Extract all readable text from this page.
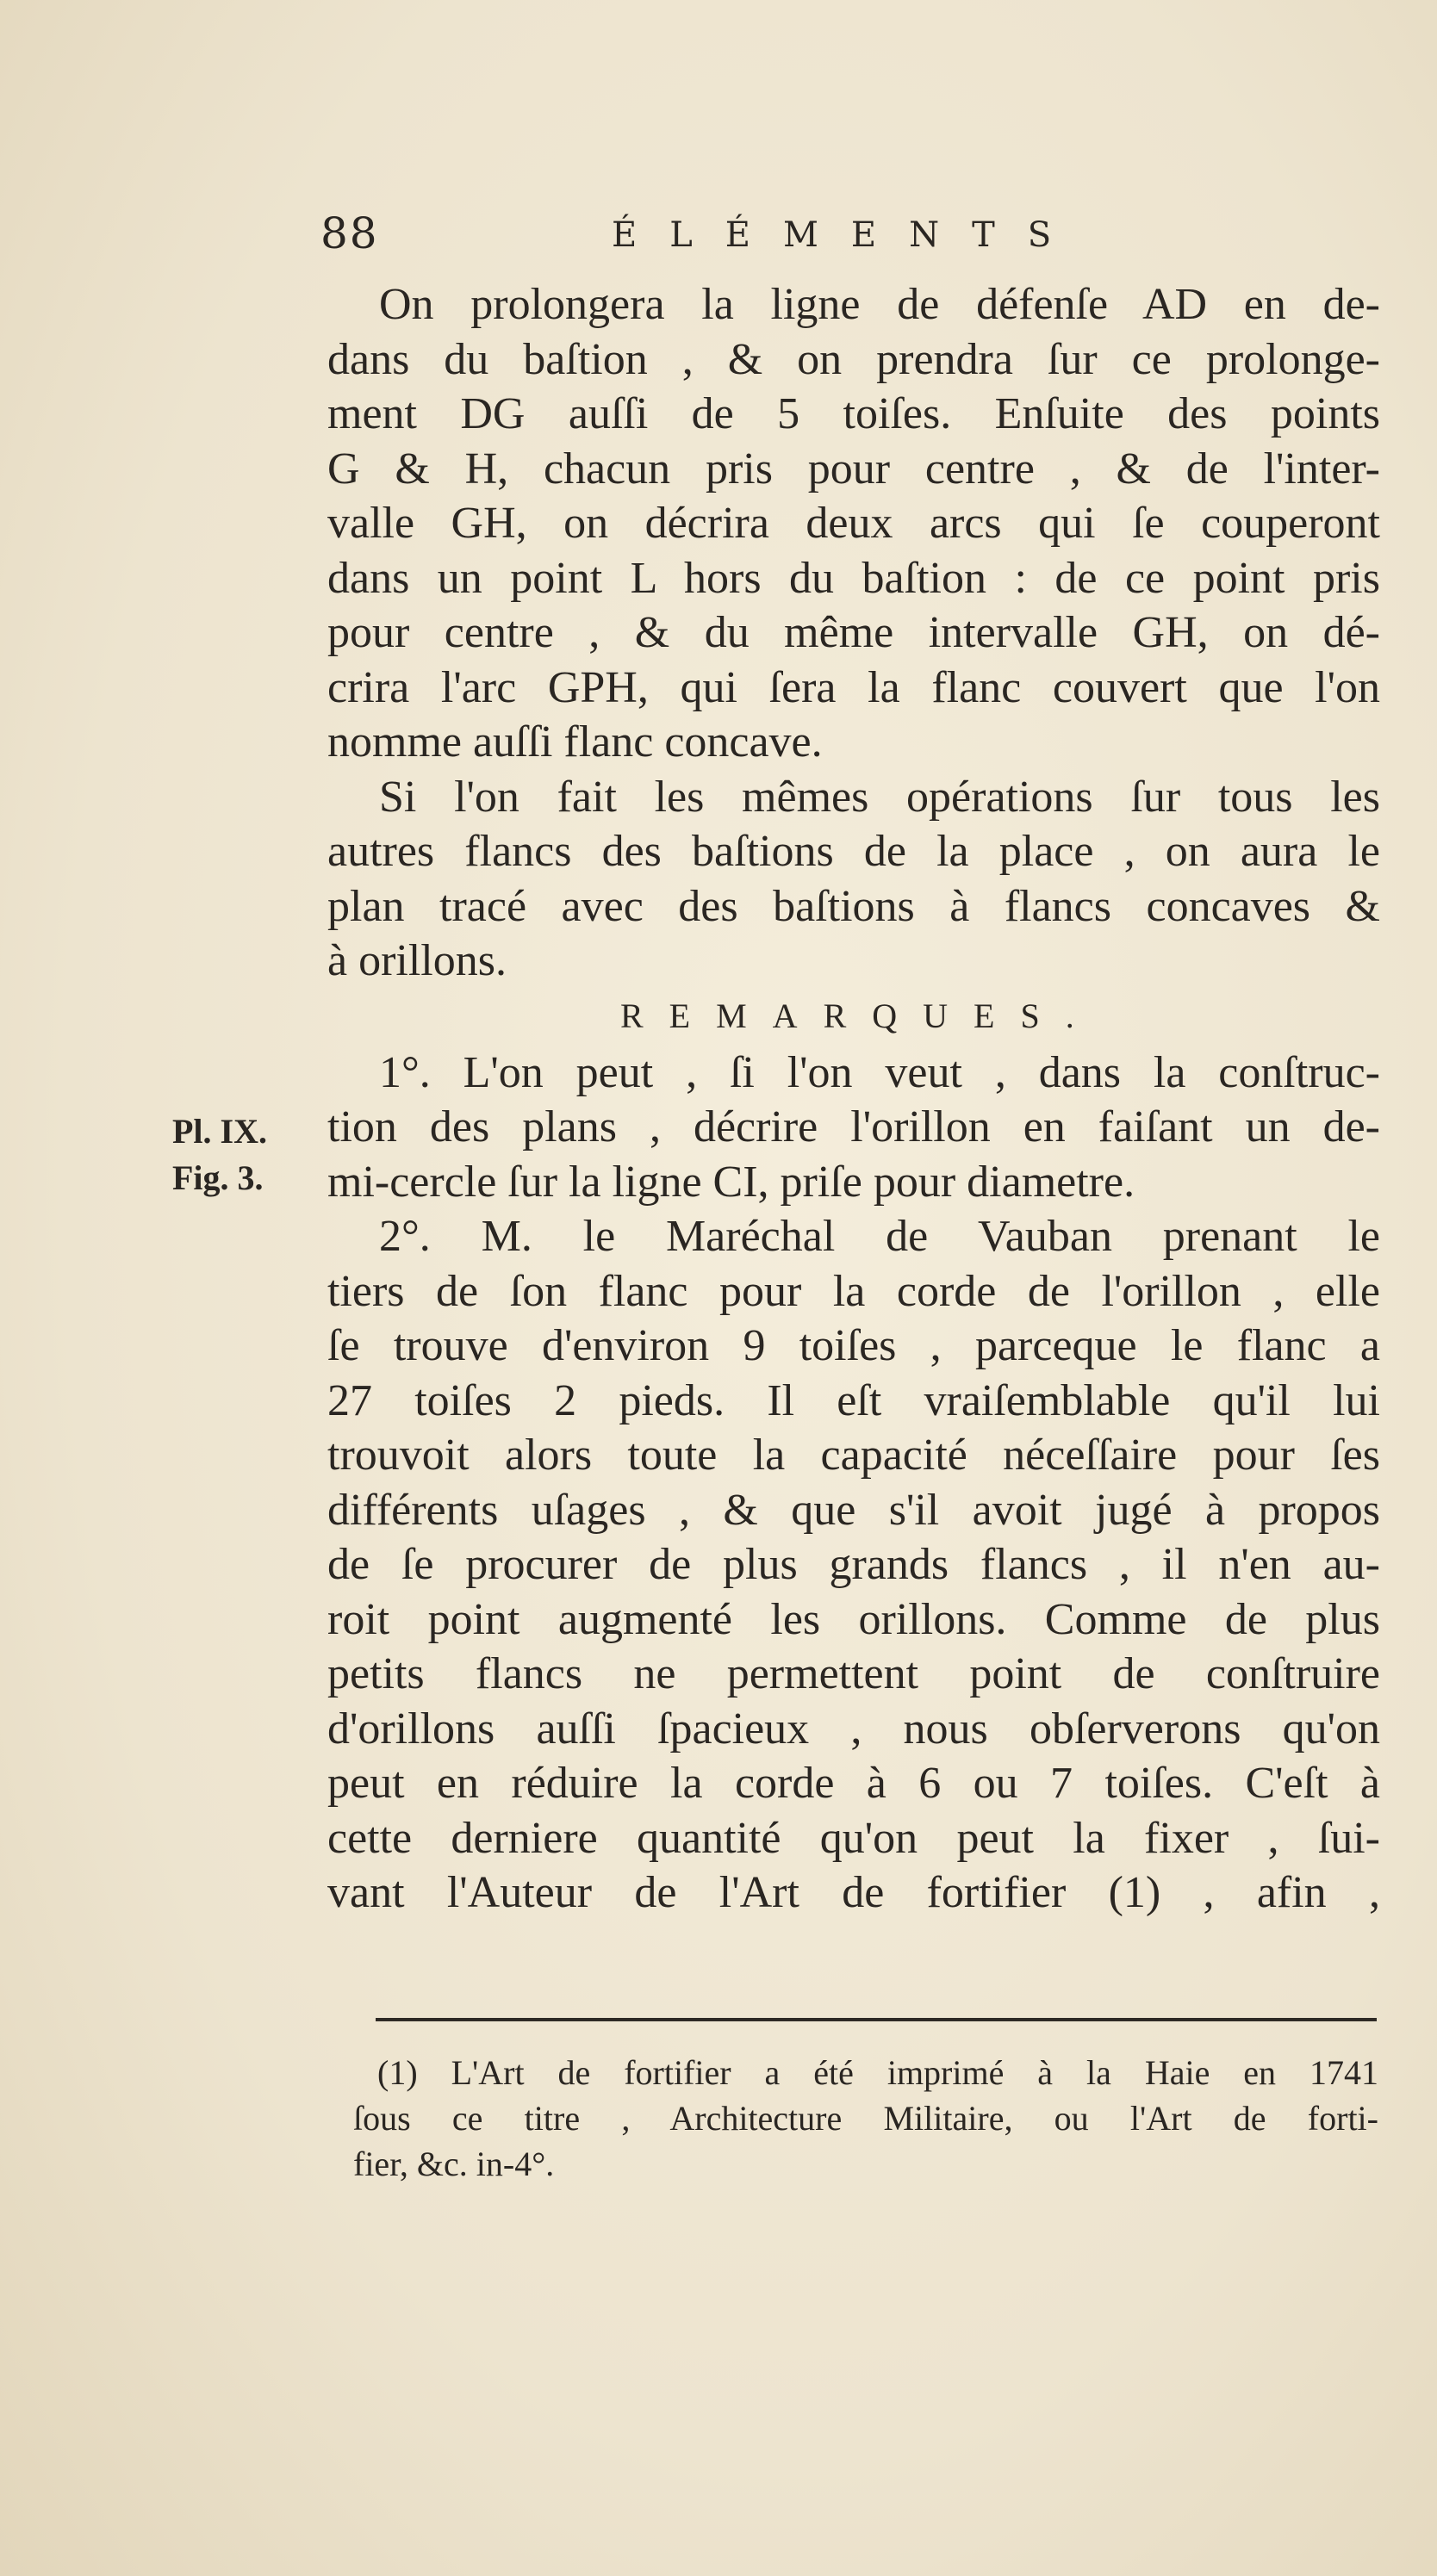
88	ÉLÉMENTS
Pl. IX.
Fig. 3.
On prolongera la ligne de défenſe AD en de-
dans du baſtion , & on prendra ſur ce prolonge-
ment DG auſſi de 5 toiſes. Enſuite des points
G & H, chacun pris pour centre , & de l'inter-
valle GH, on décrira deux arcs qui ſe couperont
dans un point L hors du baſtion : de ce point pris
pour centre , & du même intervalle GH, on dé-
crira l'arc GPH, qui ſera la flanc couvert que l'on
nomme auſſi flanc concave.
Si l'on fait les mêmes opérations ſur tous les
autres flancs des baſtions de la place , on aura le
plan tracé avec des baſtions à flancs concaves &
à orillons.
REMARQUES.
1°. L'on peut , ſi l'on veut , dans la conſtruc-
tion des plans , décrire l'orillon en faiſant un de-
mi-cercle ſur la ligne CI, priſe pour diametre.
2°. M. le Maréchal de Vauban prenant le
tiers de ſon flanc pour la corde de l'orillon , elle
ſe trouve d'environ 9 toiſes , parceque le flanc a
27 toiſes 2 pieds. Il eſt vraiſemblable qu'il lui
trouvoit alors toute la capacité néceſſaire pour ſes
différents uſages , & que s'il avoit jugé à propos
de ſe procurer de plus grands flancs , il n'en au-
roit point augmenté les orillons. Comme de plus
petits flancs ne permettent point de conſtruire
d'orillons auſſi ſpacieux , nous obſerverons qu'on
peut en réduire la corde à 6 ou 7 toiſes. C'eſt à
cette derniere quantité qu'on peut la fixer , ſui-
vant l'Auteur de l'Art de fortifier (1) , afin ,
(1) L'Art de fortifier a été imprimé à la Haie en 1741
ſous ce titre , Architecture Militaire, ou l'Art de forti-
fier, &c. in-4°.
